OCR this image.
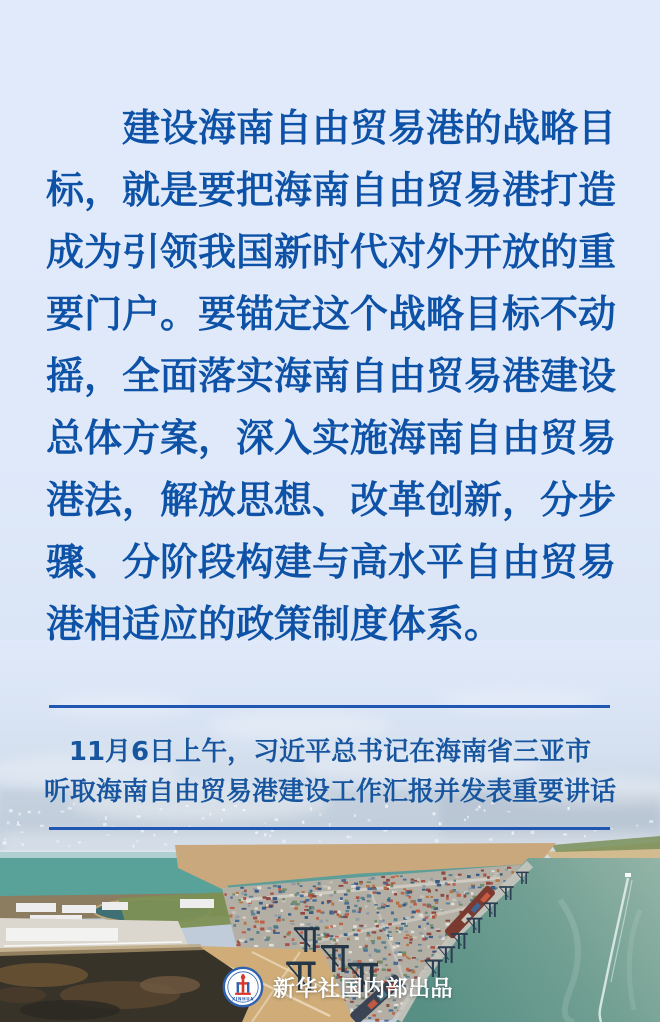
　　建设海南自由贸易港的战略目
标，就是要把海南自由贸易港打造
成为引领我国新时代对外开放的重
要门户。要锚定这个战略目标不动
摇，全面落实海南自由贸易港建设
总体方案，深入实施海南自由贸易
港法，解放思想、改革创新，分步
骤、分阶段构建与高水平自由贸易
港相适应的政策制度体系。
11月6日上午，习近平总书记在海南省三亚市
听取海南自由贸易港建设工作汇报并发表重要讲话
XINHUA 新华社国内部出品
